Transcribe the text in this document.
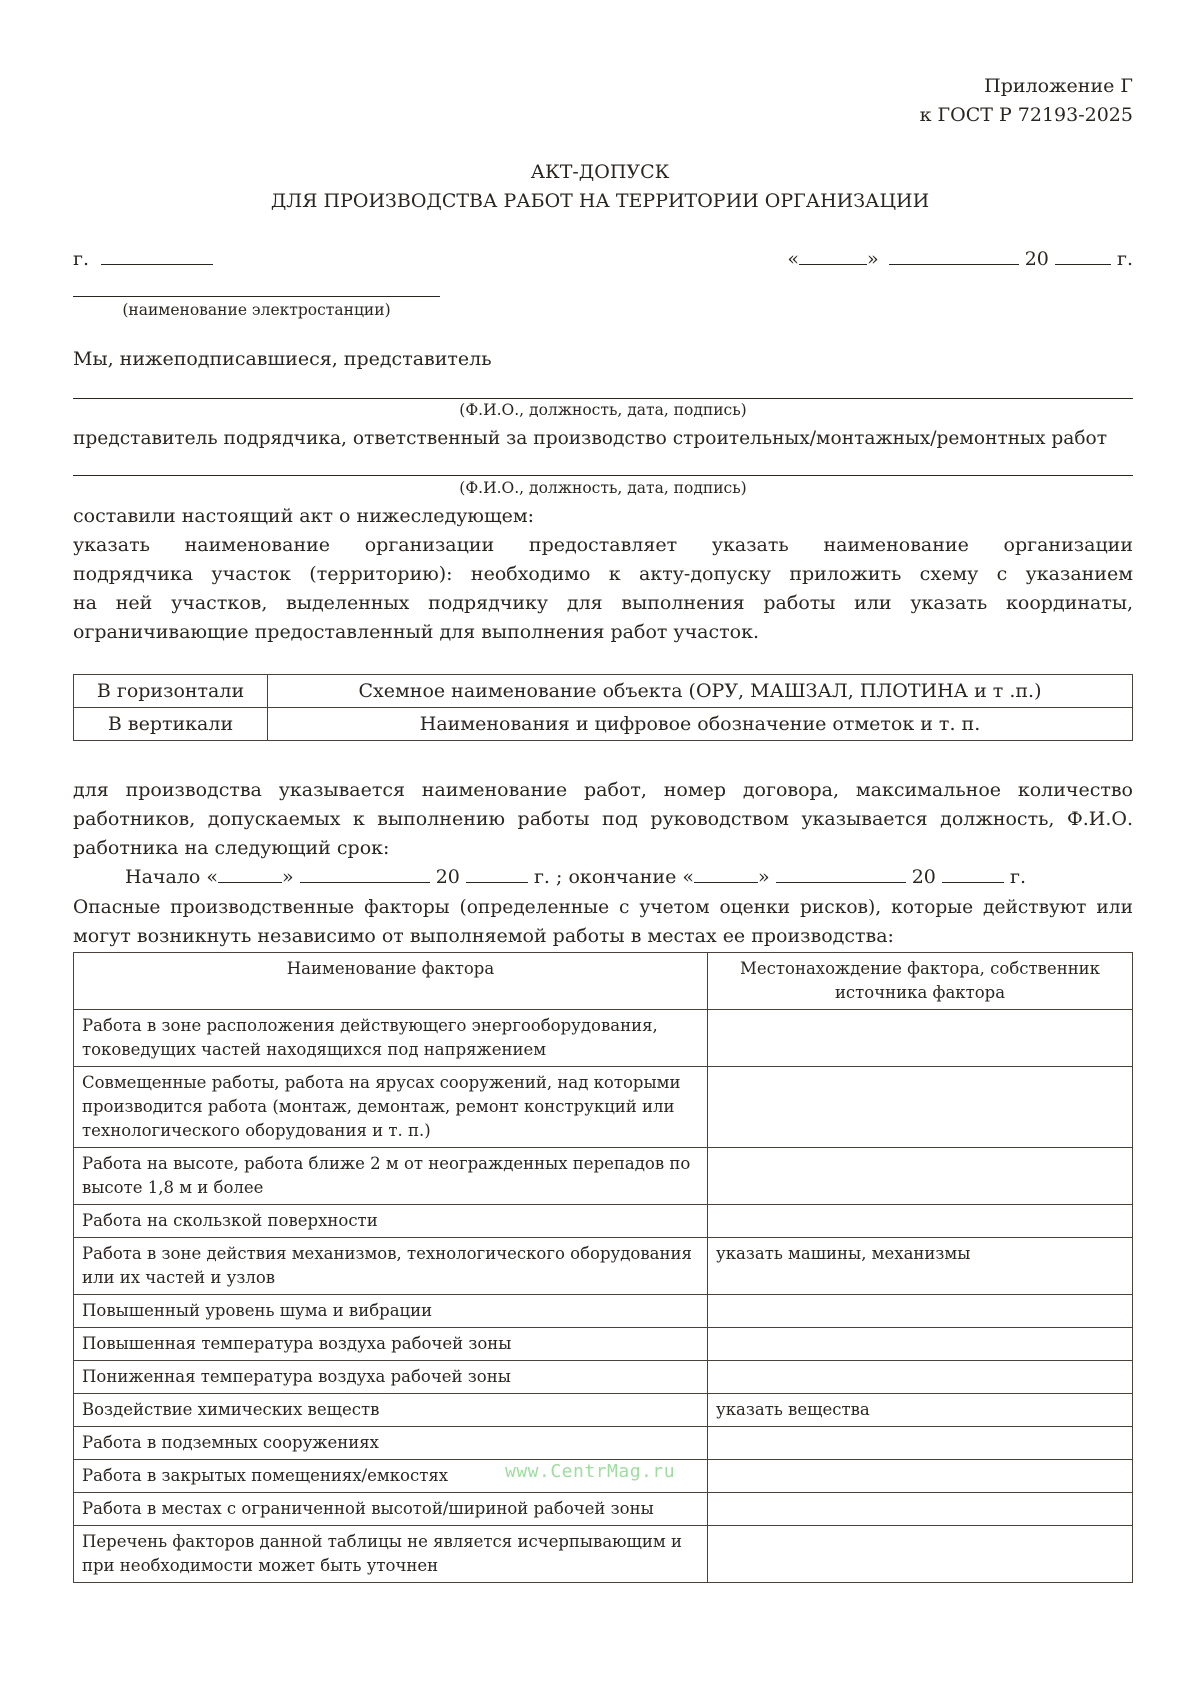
Приложение Г
к ГОСТ Р 72193-2025
АКТ-ДОПУСК
ДЛЯ ПРОИЗВОДСТВА РАБОТ НА ТЕРРИТОРИИ ОРГАНИЗАЦИИ
г.	«	»	20	г.
(наименование электростанции)
Мы, нижеподписавшиеся, представитель
(Ф.И.О., должность, дата, подпись)
представитель подрядчика, ответственный за производство строительных/монтажных/ремонтных работ
(Ф.И.О., должность, дата, подпись)
составили настоящий акт о нижеследующем:
указать наименование организации предоставляет указать наименование организации
подрядчика участок (территорию): необходимо к акту-допуску приложить схему с указанием
на ней участков, выделенных подрядчику для выполнения работы или указать координаты,
ограничивающие предоставленный для выполнения работ участок.
В горизонтали	Схемное наименование объекта (ОРУ, МАШЗАЛ, ПЛОТИНА и т .п.)
В вертикали	Наименования и цифровое обозначение отметок и т. п.
для производства указывается наименование работ, номер договора, максимальное количество
работников, допускаемых к выполнению работы под руководством указывается должность, Ф.И.О.
работника на следующий срок:
Начало «	»	20	г. ; окончание «	»	20	г.
Опасные производственные факторы (определенные с учетом оценки рисков), которые действуют или
могут возникнуть независимо от выполняемой работы в местах ее производства:
Наименование фактора	Местонахождение фактора, собственник источника фактора
Работа в зоне расположения действующего энергооборудования, токоведущих частей находящихся под напряжением	
Совмещенные работы, работа на ярусах сооружений, над которыми производится работа (монтаж, демонтаж, ремонт конструкций или технологического оборудования и т. п.)	
Работа на высоте, работа ближе 2 м от неогражденных перепадов по высоте 1,8 м и более	
Работа на скользкой поверхности	
Работа в зоне действия механизмов, технологического оборудования или их частей и узлов	указать машины, механизмы
Повышенный уровень шума и вибрации	
Повышенная температура воздуха рабочей зоны	
Пониженная температура воздуха рабочей зоны	
Воздействие химических веществ	указать вещества
Работа в подземных сооружениях	
Работа в закрытых помещениях/емкостях	
Работа в местах с ограниченной высотой/шириной рабочей зоны	
Перечень факторов данной таблицы не является исчерпывающим и при необходимости может быть уточнен	
www.CentrMag.ru
